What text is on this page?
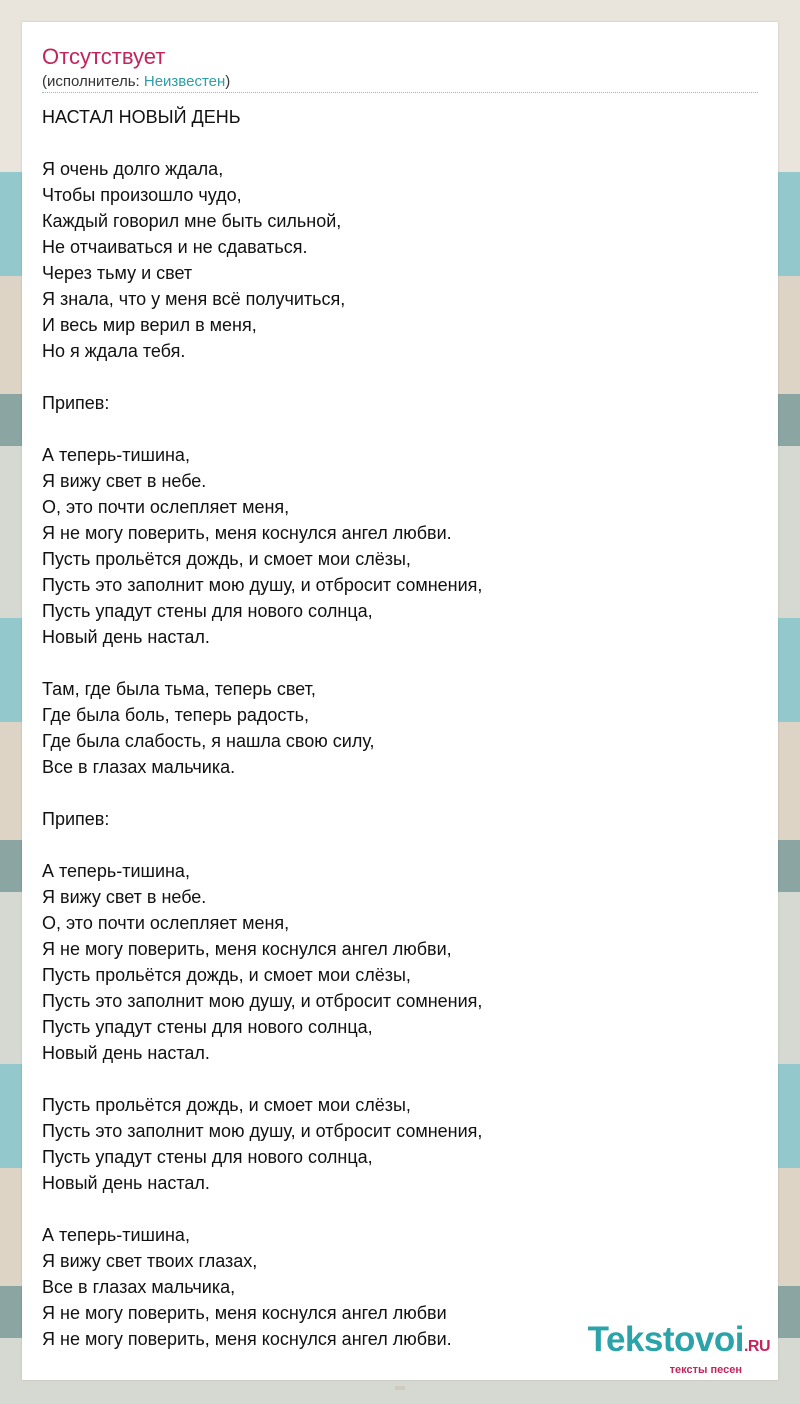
Отсутствует
(исполнитель: Неизвестен)
НАСТАЛ НОВЫЙ ДЕНЬ

Я очень долго ждала,
Чтобы произошло чудо,
Каждый говорил мне быть сильной,
Не отчаиваться и не сдаваться.
Через тьму и свет
Я знала, что у меня всё получиться,
И весь мир верил в меня,
Но я ждала тебя.

Припев:

А теперь-тишина,
Я вижу свет в небе.
О, это почти ослепляет меня,
Я не могу поверить, меня коснулся ангел любви.
Пусть прольётся дождь, и смоет мои слёзы,
Пусть это заполнит мою душу, и отбросит сомнения,
Пусть упадут стены для нового солнца,
Новый день настал.

Там, где была тьма, теперь свет,
Где была боль, теперь радость,
Где была слабость, я нашла свою силу,
Все в глазах мальчика.

Припев:

А теперь-тишина,
Я вижу свет в небе.
О, это почти ослепляет меня,
Я не могу поверить, меня коснулся ангел любви,
Пусть прольётся дождь, и смоет мои слёзы,
Пусть это заполнит мою душу, и отбросит сомнения,
Пусть упадут стены для нового солнца,
Новый день настал.

Пусть прольётся дождь, и смоет мои слёзы,
Пусть это заполнит мою душу, и отбросит сомнения,
Пусть упадут стены для нового солнца,
Новый день настал.

А теперь-тишина,
Я вижу свет твоих глазах,
Все в глазах мальчика,
Я не могу поверить, меня коснулся ангел любви
Я не могу поверить, меня коснулся ангел любви.	Tekstovoi.RU
тексты песен
